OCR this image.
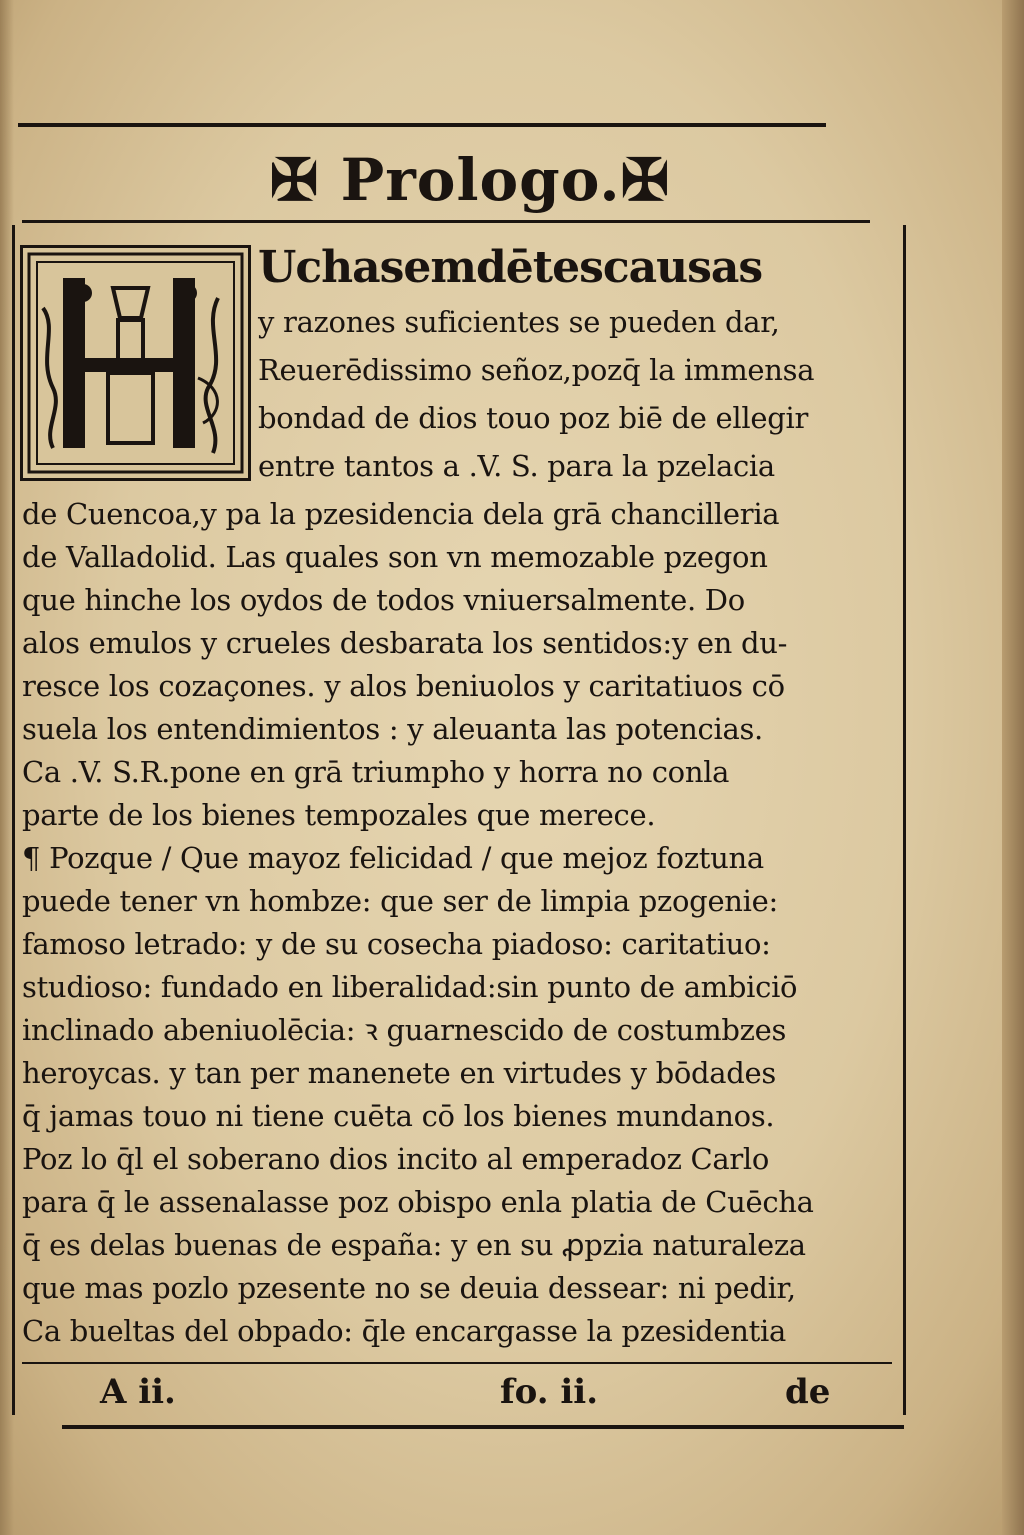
✠ Prologo.✠
Uchasemdētescausas
y razones suficientes se pueden dar,
Reuerēdissimo señoz,pozq̄ la immensa
bondad de dios touo poz biē de ellegir
entre tantos a .V. S. para la pzelacia
de Cuencoa,y pa la pzesidencia dela grā chancilleria
de Valladolid. Las quales son vn memozable pzegon
que hinche los oydos de todos vniuersalmente. Do
alos emulos y crueles desbarata los sentidos:y en du-
resce los cozaçones. y alos beniuolos y caritatiuos cō
suela los entendimientos : y aleuanta las potencias.
Ca .V. S.R.pone en grā triumpho y horra no conla
parte de los bienes tempozales que merece.
¶ Pozque / Que mayoz felicidad / que mejoz foztuna
puede tener vn hombze: que ser de limpia pzogenie:
famoso letrado: y de su cosecha piadoso: caritatiuo:
studioso: fundado en liberalidad:sin punto de ambiciō
inclinado abeniuolēcia: ꝛ guarnescido de costumbzes
heroycas. y tan per manenete en virtudes y bōdades
q̄ jamas touo ni tiene cuēta cō los bienes mundanos.
Poz lo q̄l el soberano dios incito al emperadoz Carlo
para q̄ le assenalasse poz obispo enla platia de Cuēcha
q̄ es delas buenas de españa: y en su ꝓpzia naturaleza
que mas pozlo pzesente no se deuia dessear: ni pedir,
Ca bueltas del obpado: q̄le encargasse la pzesidentia
A ii.	fo. ii.	de
